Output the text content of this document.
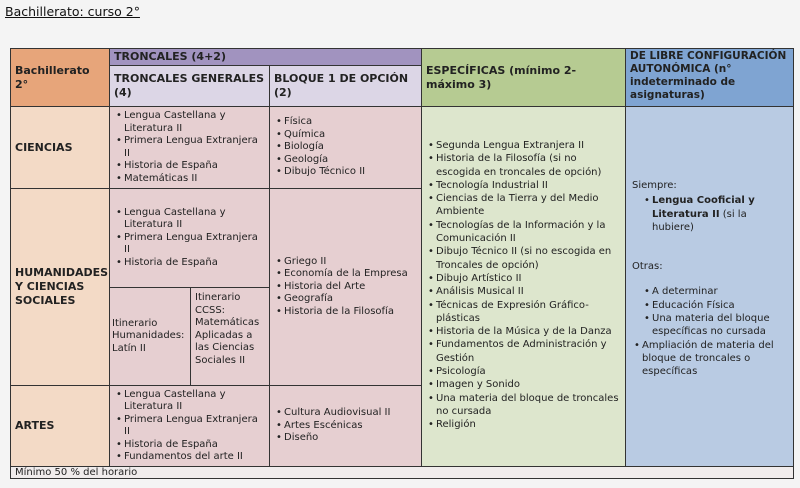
Bachillerato: curso 2°
Bachillerato 2°
TRONCALES (4+2)
TRONCALES GENERALES (4)
BLOQUE 1 DE OPCIÓN (2)
ESPECÍFICAS (mínimo 2-máximo 3)
DE LIBRE CONFIGURACIÓN AUTONÓMICA (n° indeterminado de asignaturas)
CIENCIAS
• Lengua Castellana y Literatura II
• Primera Lengua Extranjera II
• Historia de España
• Matemáticas II
• Física
• Química
• Biología
• Geología
• Dibujo Técnico II
HUMANIDADES Y CIENCIAS SOCIALES
• Lengua Castellana y Literatura II
• Primera Lengua Extranjera II
• Historia de España
Itinerario Humanidades: Latín II
Itinerario CCSS: Matemáticas Aplicadas a las Ciencias Sociales II
• Griego II
• Economía de la Empresa
• Historia del Arte
• Geografía
• Historia de la Filosofía
ARTES
• Lengua Castellana y Literatura II
• Primera Lengua Extranjera II
• Historia de España
• Fundamentos del arte II
• Cultura Audiovisual II
• Artes Escénicas
• Diseño
• Segunda Lengua Extranjera II
• Historia de la Filosofía (si no escogida en troncales de opción)
• Tecnología Industrial II
• Ciencias de la Tierra y del Medio Ambiente
• Tecnologías de la Información y la Comunicación II
• Dibujo Técnico II (si no escogida en Troncales de opción)
• Dibujo Artístico II
• Análisis Musical II
• Técnicas de Expresión Gráfico-plásticas
• Historia de la Música y de la Danza
• Fundamentos de Administración y Gestión
• Psicología
• Imagen y Sonido
• Una materia del bloque de troncales no cursada
• Religión
Siempre:
• Lengua Cooficial y Literatura II (si la hubiere)
Otras:
• A determinar
• Educación Física
• Una materia del bloque específicas no cursada
• Ampliación de materia del bloque de troncales o específicas
Mínimo 50 % del horario
